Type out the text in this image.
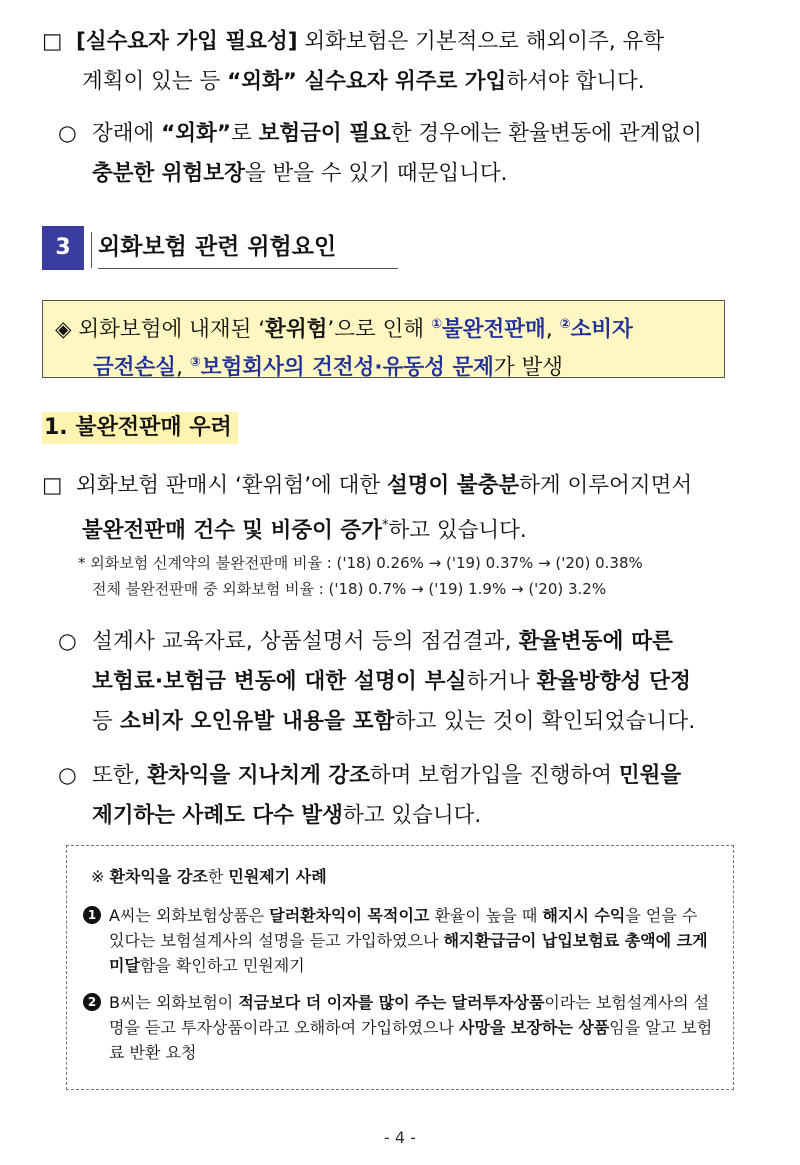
□ [실수요자 가입 필요성] 외화보험은 기본적으로 해외이주, 유학
계획이 있는 등 “외화” 실수요자 위주로 가입하셔야 합니다.
○ 장래에 “외화”로 보험금이 필요한 경우에는 환율변동에 관계없이
충분한 위험보장을 받을 수 있기 때문입니다.
3	외화보험 관련 위험요인
◈ 외화보험에 내재된 ‘환위험’으로 인해 ①불완전판매, ②소비자
금전손실, ③보험회사의 건전성·유동성 문제가 발생
1. 불완전판매 우려
□ 외화보험 판매시 ‘환위험’에 대한 설명이 불충분하게 이루어지면서
불완전판매 건수 및 비중이 증가*하고 있습니다.
* 외화보험 신계약의 불완전판매 비율 : ('18) 0.26% → ('19) 0.37% → ('20) 0.38%
전체 불완전판매 중 외화보험 비율 : ('18) 0.7% → ('19) 1.9% → ('20) 3.2%
○ 설계사 교육자료, 상품설명서 등의 점검결과, 환율변동에 따른
보험료·보험금 변동에 대한 설명이 부실하거나 환율방향성 단정
등 소비자 오인유발 내용을 포함하고 있는 것이 확인되었습니다.
○ 또한, 환차익을 지나치게 강조하며 보험가입을 진행하여 민원을
제기하는 사례도 다수 발생하고 있습니다.
※ 환차익을 강조한 민원제기 사례
1 A씨는 외화보험상품은 달러환차익이 목적이고 환율이 높을 때 해지시 수익을 얻을 수 있다는 보험설계사의 설명을 듣고 가입하였으나 해지환급금이 납입보험료 총액에 크게 미달함을 확인하고 민원제기
2 B씨는 외화보험이 적금보다 더 이자를 많이 주는 달러투자상품이라는 보험설계사의 설명을 듣고 투자상품이라고 오해하여 가입하였으나 사망을 보장하는 상품임을 알고 보험료 반환 요청
- 4 -
